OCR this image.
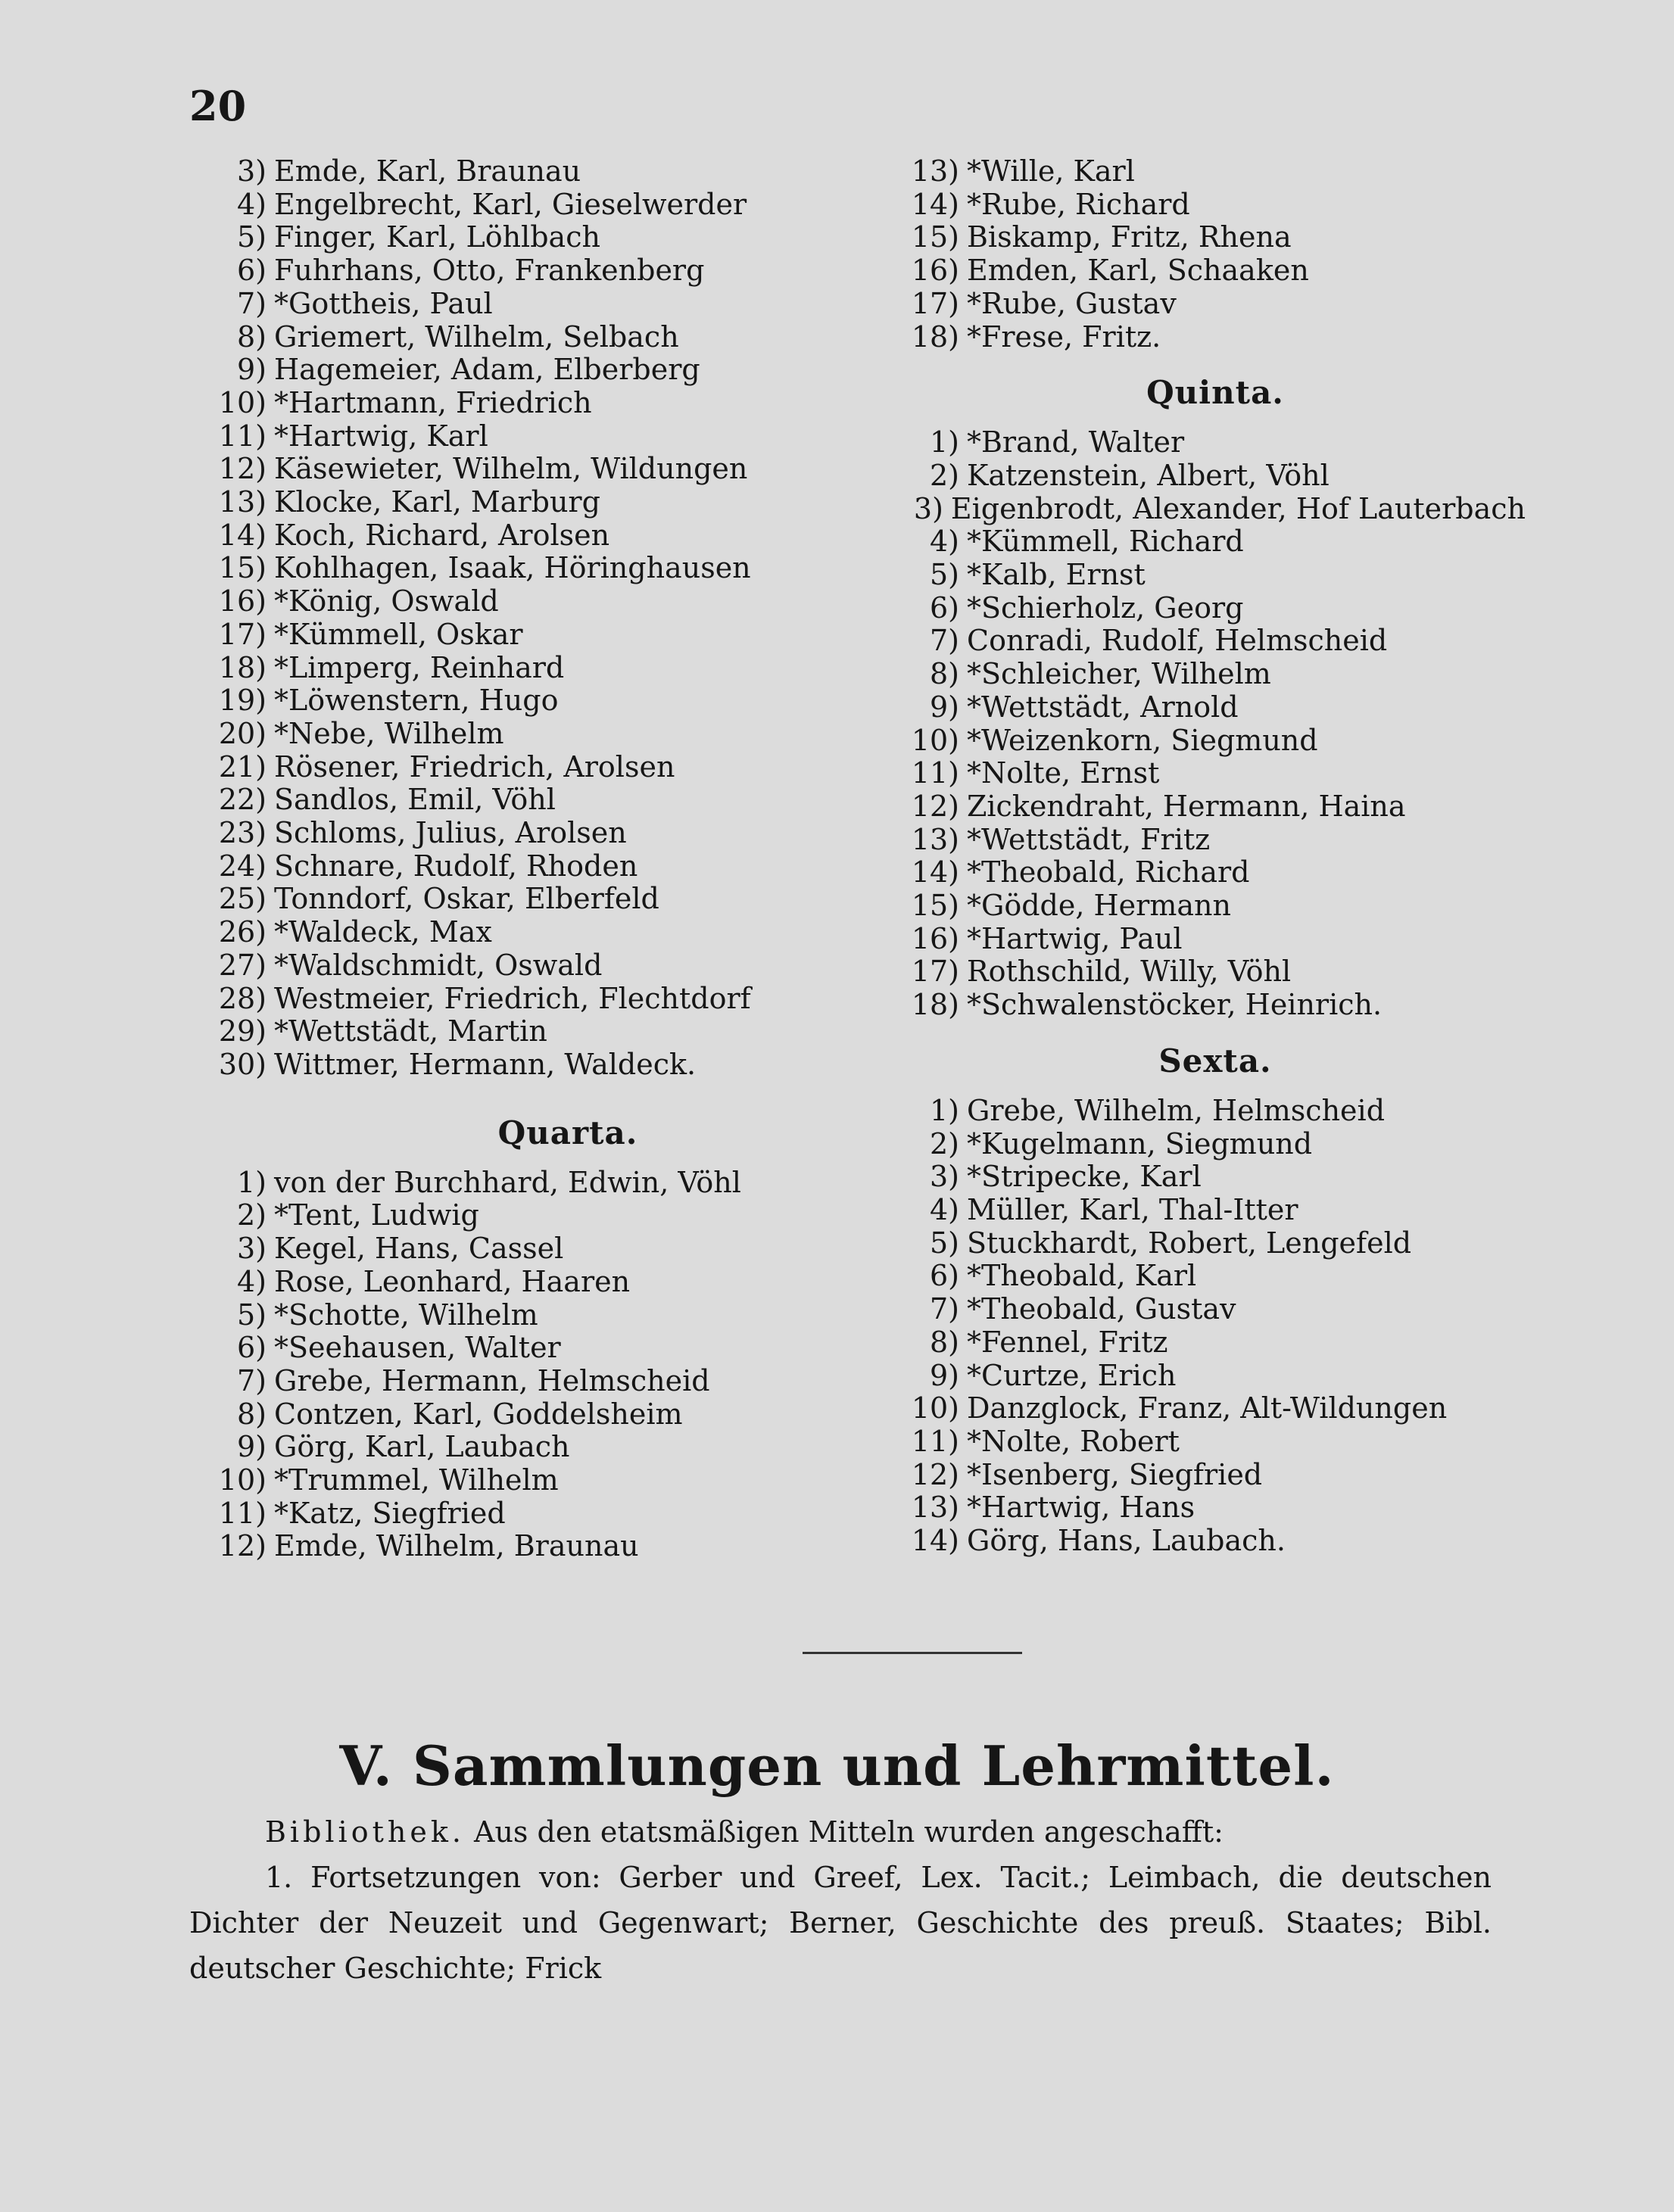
20
3) Emde, Karl, Braunau
4) Engelbrecht, Karl, Gieselwerder
5) Finger, Karl, Löhlbach
6) Fuhrhans, Otto, Frankenberg
7) *Gottheis, Paul
8) Griemert, Wilhelm, Selbach
9) Hagemeier, Adam, Elberberg
10) *Hartmann, Friedrich
11) *Hartwig, Karl
12) Käsewieter, Wilhelm, Wildungen
13) Klocke, Karl, Marburg
14) Koch, Richard, Arolsen
15) Kohlhagen, Isaak, Höringhausen
16) *König, Oswald
17) *Kümmell, Oskar
18) *Limperg, Reinhard
19) *Löwenstern, Hugo
20) *Nebe, Wilhelm
21) Rösener, Friedrich, Arolsen
22) Sandlos, Emil, Vöhl
23) Schloms, Julius, Arolsen
24) Schnare, Rudolf, Rhoden
25) Tonndorf, Oskar, Elberfeld
26) *Waldeck, Max
27) *Waldschmidt, Oswald
28) Westmeier, Friedrich, Flechtdorf
29) *Wettstädt, Martin
30) Wittmer, Hermann, Waldeck.
Quarta.
1) von der Burchhard, Edwin, Vöhl
2) *Tent, Ludwig
3) Kegel, Hans, Cassel
4) Rose, Leonhard, Haaren
5) *Schotte, Wilhelm
6) *Seehausen, Walter
7) Grebe, Hermann, Helmscheid
8) Contzen, Karl, Goddelsheim
9) Görg, Karl, Laubach
10) *Trummel, Wilhelm
11) *Katz, Siegfried
12) Emde, Wilhelm, Braunau
13) *Wille, Karl
14) *Rube, Richard
15) Biskamp, Fritz, Rhena
16) Emden, Karl, Schaaken
17) *Rube, Gustav
18) *Frese, Fritz.
Quinta.
1) *Brand, Walter
2) Katzenstein, Albert, Vöhl
3) Eigenbrodt, Alexander, Hof Lauterbach
4) *Kümmell, Richard
5) *Kalb, Ernst
6) *Schierholz, Georg
7) Conradi, Rudolf, Helmscheid
8) *Schleicher, Wilhelm
9) *Wettstädt, Arnold
10) *Weizenkorn, Siegmund
11) *Nolte, Ernst
12) Zickendraht, Hermann, Haina
13) *Wettstädt, Fritz
14) *Theobald, Richard
15) *Gödde, Hermann
16) *Hartwig, Paul
17) Rothschild, Willy, Vöhl
18) *Schwalenstöcker, Heinrich.
Sexta.
1) Grebe, Wilhelm, Helmscheid
2) *Kugelmann, Siegmund
3) *Stripecke, Karl
4) Müller, Karl, Thal-Itter
5) Stuckhardt, Robert, Lengefeld
6) *Theobald, Karl
7) *Theobald, Gustav
8) *Fennel, Fritz
9) *Curtze, Erich
10) Danzglock, Franz, Alt-Wildungen
11) *Nolte, Robert
12) *Isenberg, Siegfried
13) *Hartwig, Hans
14) Görg, Hans, Laubach.
V. Sammlungen und Lehrmittel.
Bibliothek. Aus den etatsmäßigen Mitteln wurden angeschafft:
1. Fortsetzungen von: Gerber und Greef, Lex. Tacit.; Leimbach, die deutschen Dichter der Neuzeit und Gegenwart; Berner, Geschichte des preuß. Staates; Bibl. deutscher Geschichte; Frick
